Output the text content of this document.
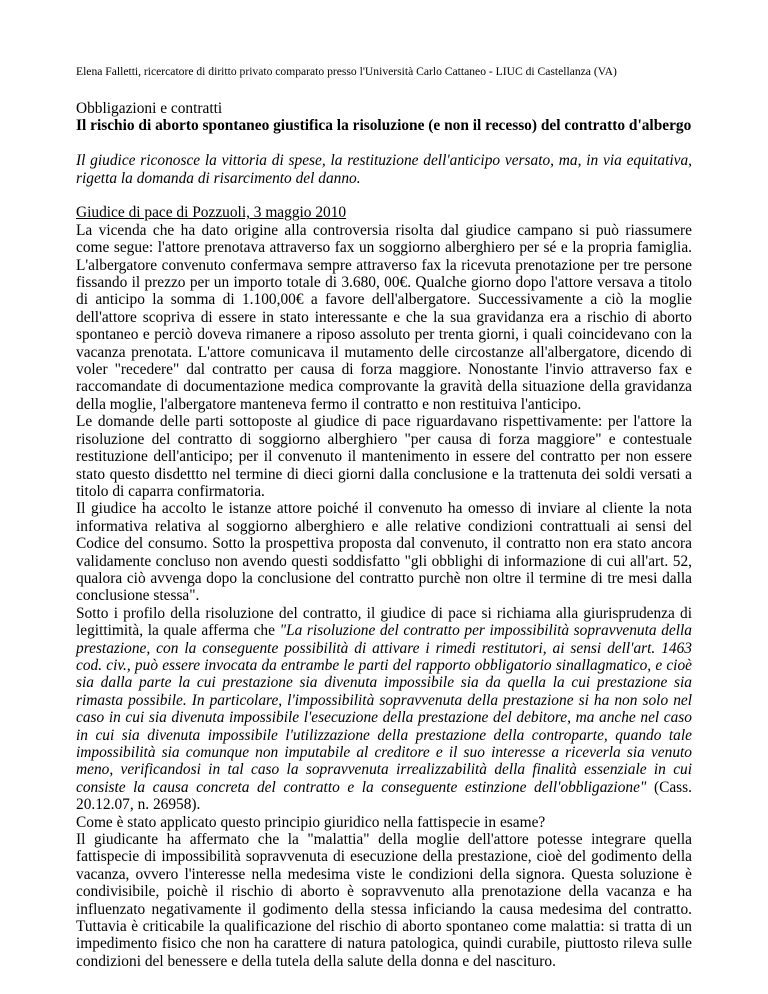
Elena Falletti, ricercatore di diritto privato comparato presso l'Università Carlo Cattaneo - LIUC di Castellanza (VA)

Obbligazioni e contratti

Il rischio di aborto spontaneo giustifica la risoluzione (e non il recesso) del contratto d'albergo

Il giudice riconosce la vittoria di spese, la restituzione dell'anticipo versato, ma, in via equitativa, rigetta la domanda di risarcimento del danno.

Giudice di pace di Pozzuoli, 3 maggio 2010

La vicenda che ha dato origine alla controversia risolta dal giudice campano si può riassumere come segue: l'attore prenotava attraverso fax un soggiorno alberghiero per sé e la propria famiglia. L'albergatore convenuto confermava sempre attraverso fax la ricevuta prenotazione per tre persone fissando il prezzo per un importo totale di 3.680, 00€. Qualche giorno dopo l'attore versava a titolo di anticipo la somma di 1.100,00€ a favore dell'albergatore. Successivamente a ciò la moglie dell'attore scopriva di essere in stato interessante e che la sua gravidanza era a rischio di aborto spontaneo e perciò doveva rimanere a riposo assoluto per trenta giorni, i quali coincidevano con la vacanza prenotata. L'attore comunicava il mutamento delle circostanze all'albergatore, dicendo di voler "recedere" dal contratto per causa di forza maggiore. Nonostante l'invio attraverso fax e raccomandate di documentazione medica comprovante la gravità della situazione della gravidanza della moglie, l'albergatore manteneva fermo il contratto e non restituiva l'anticipo.

Le domande delle parti sottoposte al giudice di pace riguardavano rispettivamente: per l'attore la risoluzione del contratto di soggiorno alberghiero "per causa di forza maggiore" e contestuale restituzione dell'anticipo; per il convenuto il mantenimento in essere del contratto per non essere stato questo disdettto nel termine di dieci giorni dalla conclusione e la trattenuta dei soldi versati a titolo di caparra confirmatoria.

Il giudice ha accolto le istanze attore poiché il convenuto ha omesso di inviare al cliente la nota informativa relativa al soggiorno alberghiero e alle relative condizioni contrattuali ai sensi del Codice del consumo. Sotto la prospettiva proposta dal convenuto, il contratto non era stato ancora validamente concluso non avendo questi soddisfatto "gli obblighi di informazione di cui all'art. 52, qualora ciò avvenga dopo la conclusione del contratto purchè non oltre il termine di tre mesi dalla conclusione stessa".

Sotto i profilo della risoluzione del contratto, il giudice di pace si richiama alla giurisprudenza di legittimità, la quale afferma che "La risoluzione del contratto per impossibilità sopravvenuta della prestazione, con la conseguente possibilità di attivare i rimedi restitutori, ai sensi dell'art. 1463 cod. civ., può essere invocata da entrambe le parti del rapporto obbligatorio sinallagmatico, e cioè sia dalla parte la cui prestazione sia divenuta impossibile sia da quella la cui prestazione sia rimasta possibile. In particolare, l'impossibilità sopravvenuta della prestazione si ha non solo nel caso in cui sia divenuta impossibile l'esecuzione della prestazione del debitore, ma anche nel caso in cui sia divenuta impossibile l'utilizzazione della prestazione della controparte, quando tale impossibilità sia comunque non imputabile al creditore e il suo interesse a riceverla sia venuto meno, verificandosi in tal caso la sopravvenuta irrealizzabilità della finalità essenziale in cui consiste la causa concreta del contratto e la conseguente estinzione dell'obbligazione" (Cass. 20.12.07, n. 26958).

Come è stato applicato questo principio giuridico nella fattispecie in esame?

Il giudicante ha affermato che la "malattia" della moglie dell'attore potesse integrare quella fattispecie di impossibilità sopravvenuta di esecuzione della prestazione, cioè del godimento della vacanza, ovvero l'interesse nella medesima viste le condizioni della signora. Questa soluzione è condivisibile, poichè il rischio di aborto è sopravvenuto alla prenotazione della vacanza e ha influenzato negativamente il godimento della stessa inficiando la causa medesima del contratto. Tuttavia è criticabile la qualificazione del rischio di aborto spontaneo come malattia: si tratta di un impedimento fisico che non ha carattere di natura patologica, quindi curabile, piuttosto rileva sulle condizioni del benessere e della tutela della salute della donna e del nascituro.
